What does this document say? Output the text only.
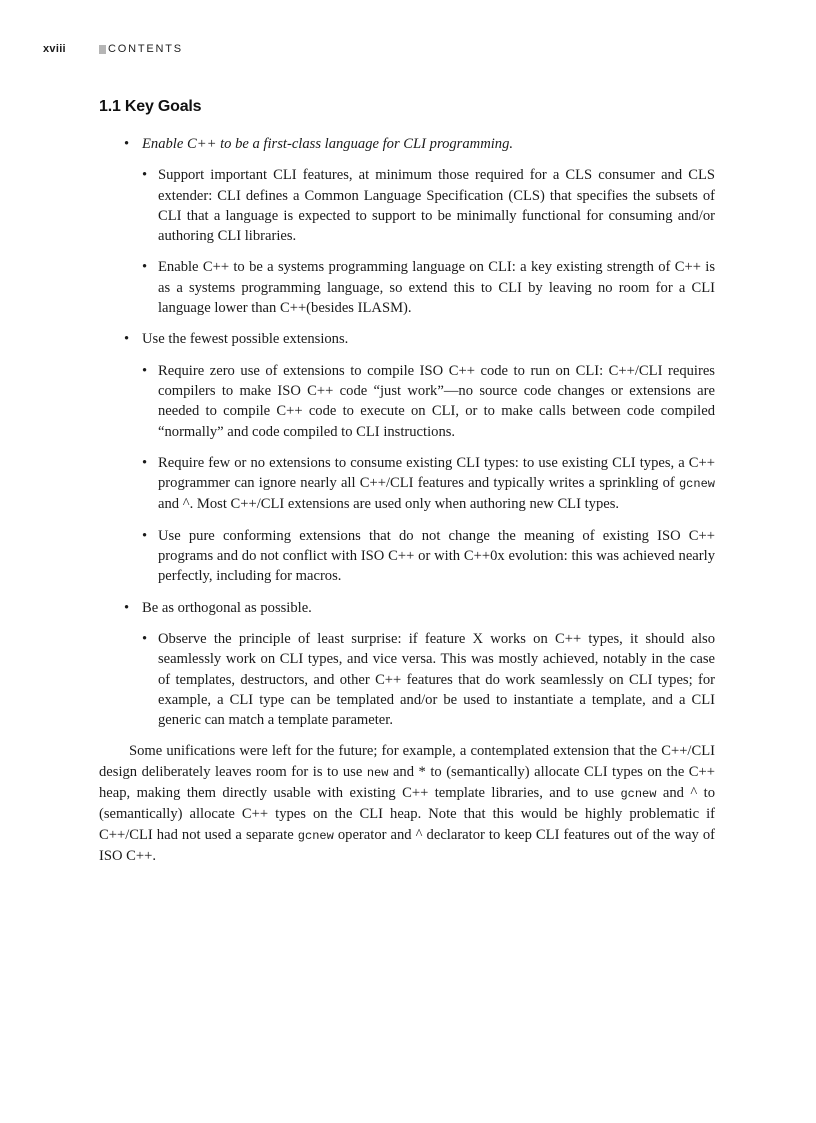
xviii	CONTENTS
1.1 Key Goals
• Enable C++ to be a first-class language for CLI programming.
• Support important CLI features, at minimum those required for a CLS consumer and CLS extender: CLI defines a Common Language Specification (CLS) that specifies the subsets of CLI that a language is expected to support to be minimally functional for consuming and/or authoring CLI libraries.
• Enable C++ to be a systems programming language on CLI: a key existing strength of C++ is as a systems programming language, so extend this to CLI by leaving no room for a CLI language lower than C++(besides ILASM).
• Use the fewest possible extensions.
• Require zero use of extensions to compile ISO C++ code to run on CLI: C++/CLI requires compilers to make ISO C++ code “just work”—no source code changes or extensions are needed to compile C++ code to execute on CLI, or to make calls between code compiled “normally” and code compiled to CLI instructions.
• Require few or no extensions to consume existing CLI types: to use existing CLI types, a C++ programmer can ignore nearly all C++/CLI features and typically writes a sprinkling of gcnew and ^. Most C++/CLI extensions are used only when authoring new CLI types.
• Use pure conforming extensions that do not change the meaning of existing ISO C++ programs and do not conflict with ISO C++ or with C++0x evolution: this was achieved nearly perfectly, including for macros.
• Be as orthogonal as possible.
• Observe the principle of least surprise: if feature X works on C++ types, it should also seamlessly work on CLI types, and vice versa. This was mostly achieved, notably in the case of templates, destructors, and other C++ features that do work seamlessly on CLI types; for example, a CLI type can be templated and/or be used to instantiate a template, and a CLI generic can match a template parameter.

Some unifications were left for the future; for example, a contemplated extension that the C++/CLI design deliberately leaves room for is to use new and * to (semantically) allocate CLI types on the C++ heap, making them directly usable with existing C++ template libraries, and to use gcnew and ^ to (semantically) allocate C++ types on the CLI heap. Note that this would be highly problematic if C++/CLI had not used a separate gcnew operator and ^ declarator to keep CLI features out of the way of ISO C++.
